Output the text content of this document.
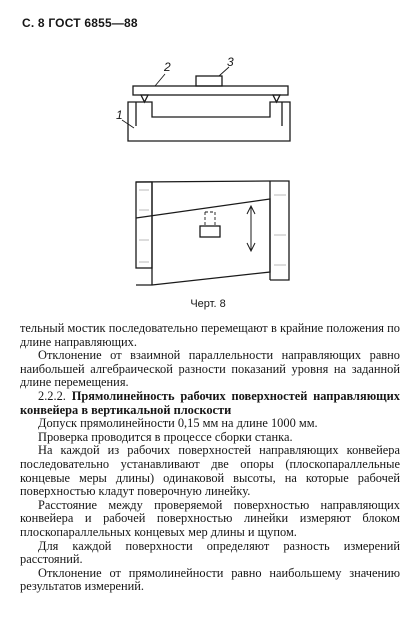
С. 8 ГОСТ 6855—88
2	3
1
Черт. 8

тельный мостик последовательно перемещают в крайние положения по длине направляющих.

Отклонение от взаимной параллельности направляющих равно наибольшей алгебраической разности показаний уровня на заданной длине перемещения.

2.2.2. Прямолинейность рабочих поверхностей направляющих конвейера в вертикальной плоскости

Допуск прямолинейности 0,15 мм на длине 1000 мм.

Проверка проводится в процессе сборки станка.

На каждой из рабочих поверхностей направляющих конвейера последовательно устанавливают две опоры (плоскопараллельные концевые меры длины) одинаковой высоты, на которые рабочей поверхностью кладут поверочную линейку.

Расстояние между проверяемой поверхностью направляющих конвейера и рабочей поверхностью линейки измеряют блоком плоскопараллельных концевых мер длины и щупом.

Для каждой поверхности определяют разность измерений расстояний.

Отклонение от прямолинейности равно наибольшему значению результатов измерений.
